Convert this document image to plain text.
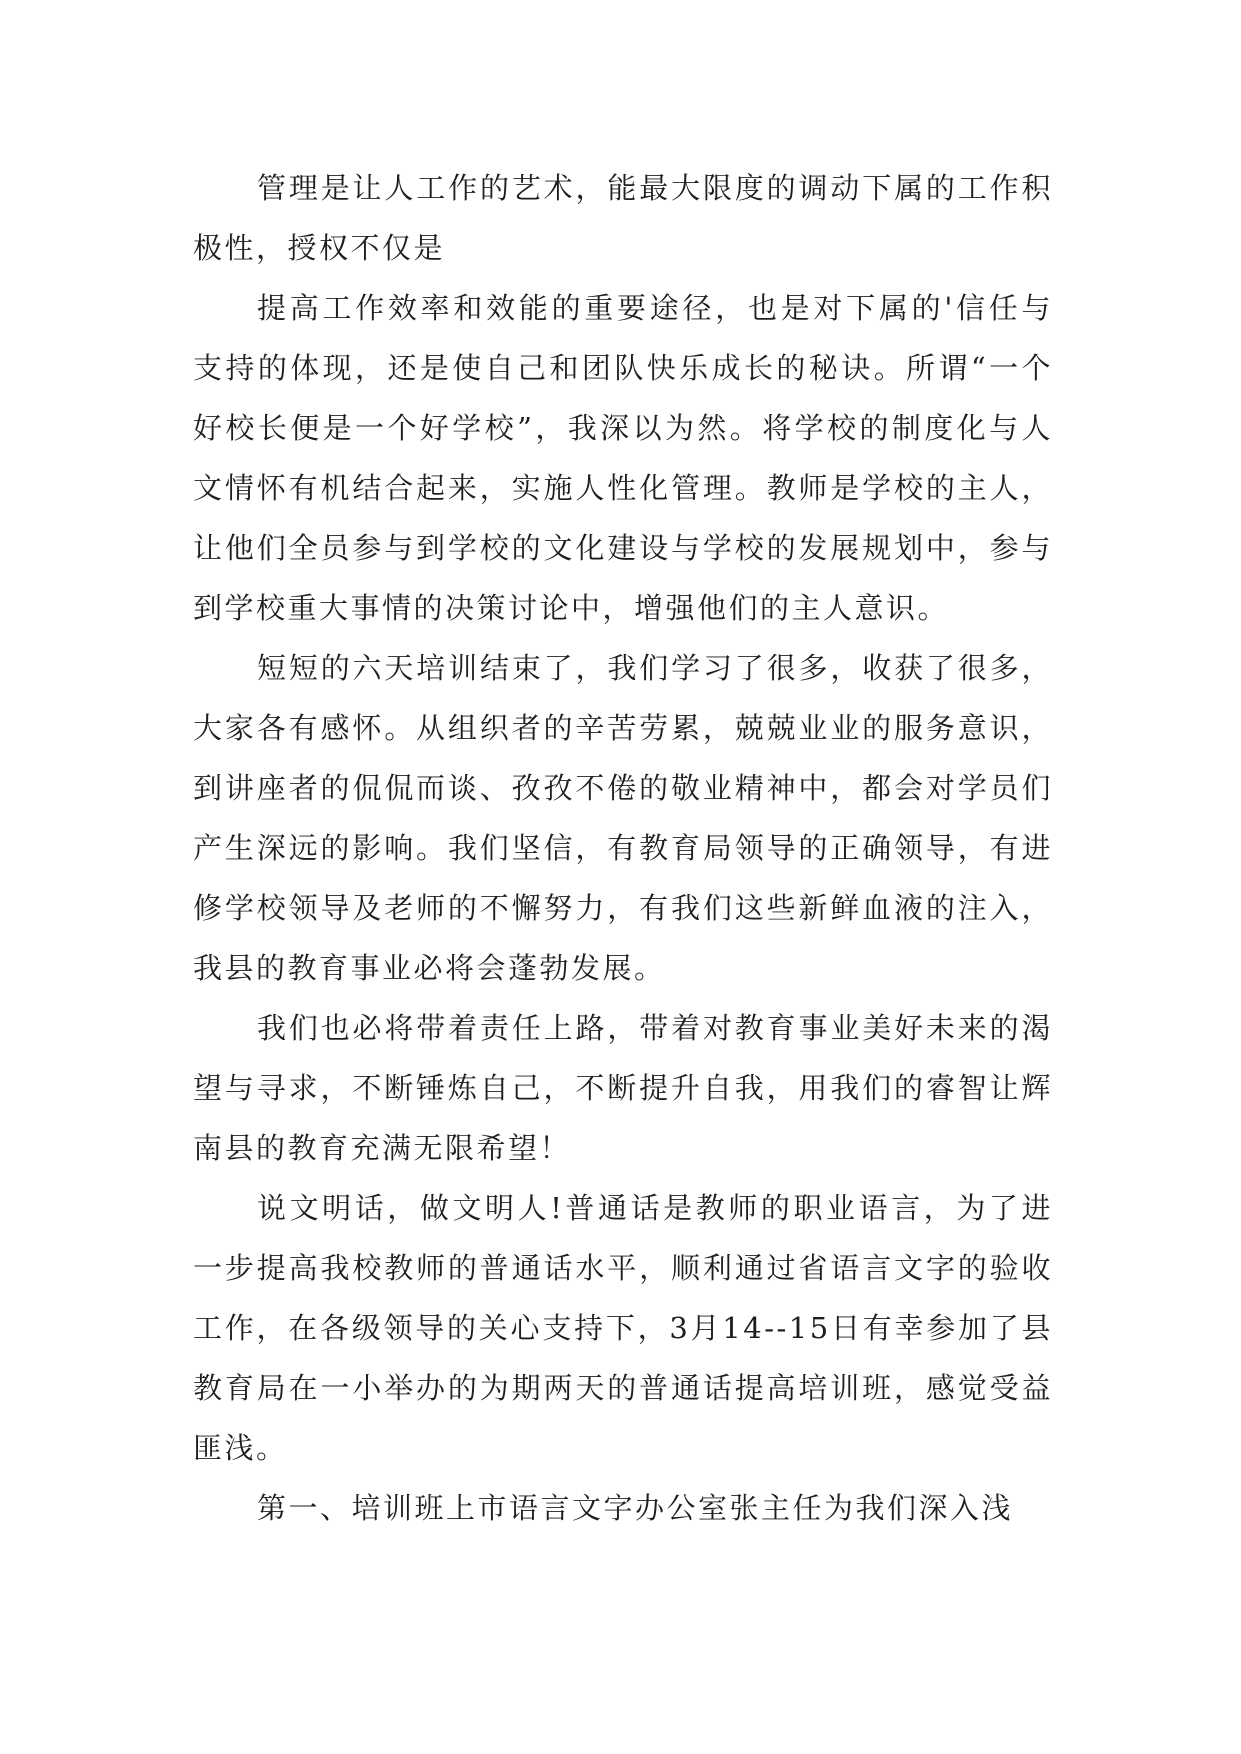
管理是让人工作的艺术，能最大限度的调动下属的工作积极性，授权不仅是

提高工作效率和效能的重要途径，也是对下属的'信任与支持的体现，还是使自己和团队快乐成长的秘诀。所谓“一个好校长便是一个好学校”，我深以为然。将学校的制度化与人文情怀有机结合起来，实施人性化管理。教师是学校的主人，让他们全员参与到学校的文化建设与学校的发展规划中，参与到学校重大事情的决策讨论中，增强他们的主人意识。

短短的六天培训结束了，我们学习了很多，收获了很多，大家各有感怀。从组织者的辛苦劳累，兢兢业业的服务意识，到讲座者的侃侃而谈、孜孜不倦的敬业精神中，都会对学员们产生深远的影响。我们坚信，有教育局领导的正确领导，有进修学校领导及老师的不懈努力，有我们这些新鲜血液的注入，我县的教育事业必将会蓬勃发展。

我们也必将带着责任上路，带着对教育事业美好未来的渴望与寻求，不断锤炼自己，不断提升自我，用我们的睿智让辉南县的教育充满无限希望！

说文明话，做文明人!普通话是教师的职业语言，为了进一步提高我校教师的普通话水平，顺利通过省语言文字的验收工作，在各级领导的关心支持下，3月14--15日有幸参加了县教育局在一小举办的为期两天的普通话提高培训班，感觉受益匪浅。

第一、培训班上市语言文字办公室张主任为我们深入浅
